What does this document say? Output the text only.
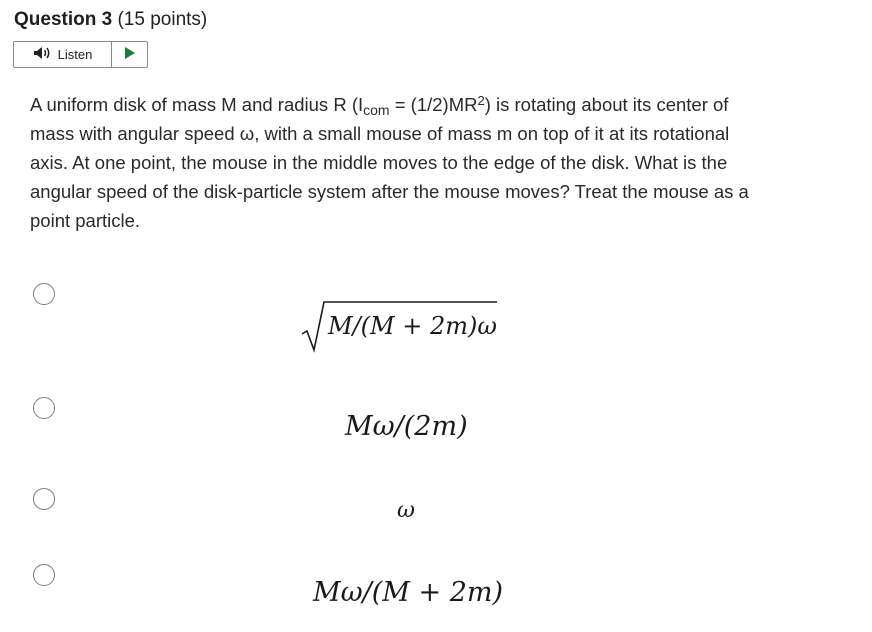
Question 3 (15 points)
Listen
A uniform disk of mass M and radius R $(I_{com} = (1/2)MR^2)$ is rotating about its center of mass with angular speed ω, with a small mouse of mass m on top of it at its rotational axis. At one point, the mouse in the middle moves to the edge of the disk. What is the angular speed of the disk-particle system after the mouse moves? Treat the mouse as a point particle.
M/(M + 2m)ω
Mω/(2m)
ω
Mω/(M + 2m)
